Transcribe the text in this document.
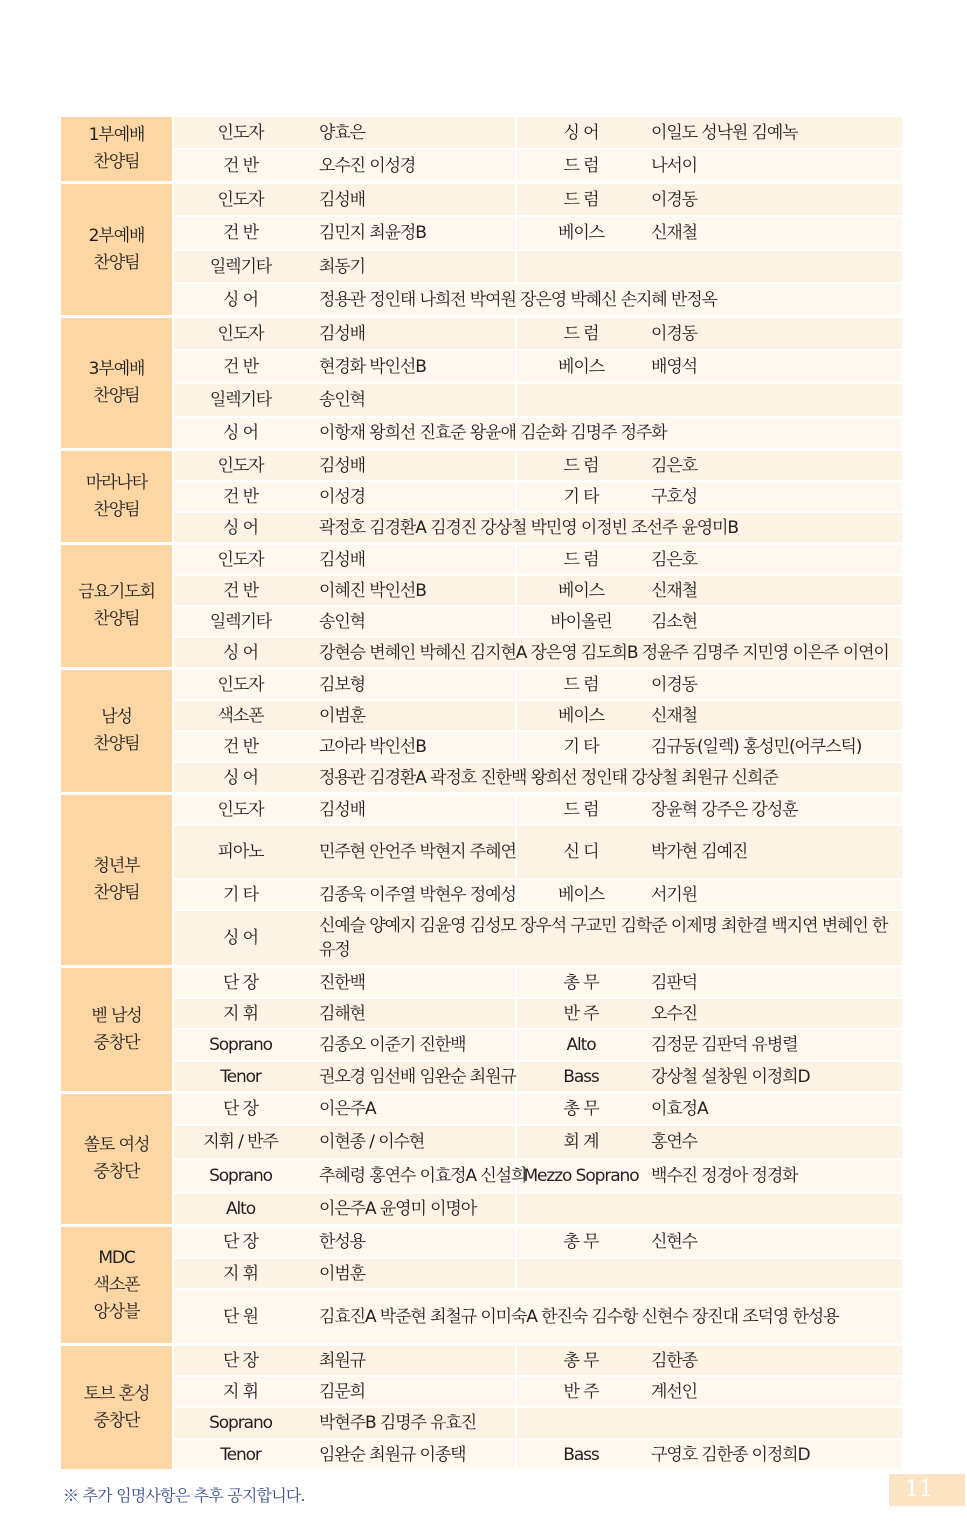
1부예배
찬양팀	인도자	양효은	싱 어	이일도 성낙원 김예녹
	건 반	오수진 이성경	드 럼	나서이
2부예배
찬양팀	인도자	김성배	드 럼	이경동
	건 반	김민지 최윤정B	베이스	신재철
	일렉기타	최동기		
	싱 어	정용관 정인태 나희전 박여원 장은영 박혜신 손지혜 반정옥		
3부예배
찬양팀	인도자	김성배	드 럼	이경동
	건 반	현경화 박인선B	베이스	배영석
	일렉기타	송인혁		
	싱 어	이항재 왕희선 진효준 왕윤애 김순화 김명주 정주화		
마라나타
찬양팀	인도자	김성배	드 럼	김은호
	건 반	이성경	기 타	구호성
	싱 어	곽정호 김경환A 김경진 강상철 박민영 이정빈 조선주 윤영미B		
금요기도회
찬양팀	인도자	김성배	드 럼	김은호
	건 반	이혜진 박인선B	베이스	신재철
	일렉기타	송인혁	바이올린	김소현
	싱 어	강현승 변혜인 박혜신 김지현A 장은영 김도희B 정윤주 김명주 지민영 이은주 이연이		
남성
찬양팀	인도자	김보형	드 럼	이경동
	색소폰	이범훈	베이스	신재철
	건 반	고아라 박인선B	기 타	김규동(일렉) 홍성민(어쿠스틱)
	싱 어	정용관 김경환A 곽정호 진한백 왕희선 정인태 강상철 최원규 신희준		
청년부
찬양팀	인도자	김성배	드 럼	장윤혁 강주은 강성훈
	피아노	민주현 안언주 박현지 주혜연	신 디	박가현 김예진
	기 타	김종욱 이주열 박현우 정예성	베이스	서기원
	싱 어	신예슬 양예지 김윤영 김성모 장우석 구교민 김학준 이제명 최한결 백지연 변혜인 한유정		
벧 남성
중창단	단 장	진한백	총 무	김판덕
	지 휘	김해현	반 주	오수진
	Soprano	김종오 이준기 진한백	Alto	김정문 김판덕 유병렬
	Tenor	권오경 임선배 임완순 최원규	Bass	강상철 설창원 이정희D
쏠토 여성
중창단	단 장	이은주A	총 무	이효정A
	지휘 / 반주	이현종 / 이수현	회 계	홍연수
	Soprano	추혜령 홍연수 이효정A 신설희	Mezzo Soprano	백수진 정경아 정경화
	Alto	이은주A 윤영미 이명아		
MDC
색소폰
앙상블	단 장	한성용	총 무	신현수
	지 휘	이범훈		
	단 원	김효진A 박준현 최철규 이미숙A 한진숙 김수항 신현수 장진대 조덕영 한성용		
토브 혼성
중창단	단 장	최원규	총 무	김한종
	지 휘	김문희	반 주	계선인
	Soprano	박현주B 김명주 유효진		
	Tenor	임완순 최원규 이종택	Bass	구영호 김한종 이정희D
※ 추가 임명사항은 추후 공지합니다.	11
